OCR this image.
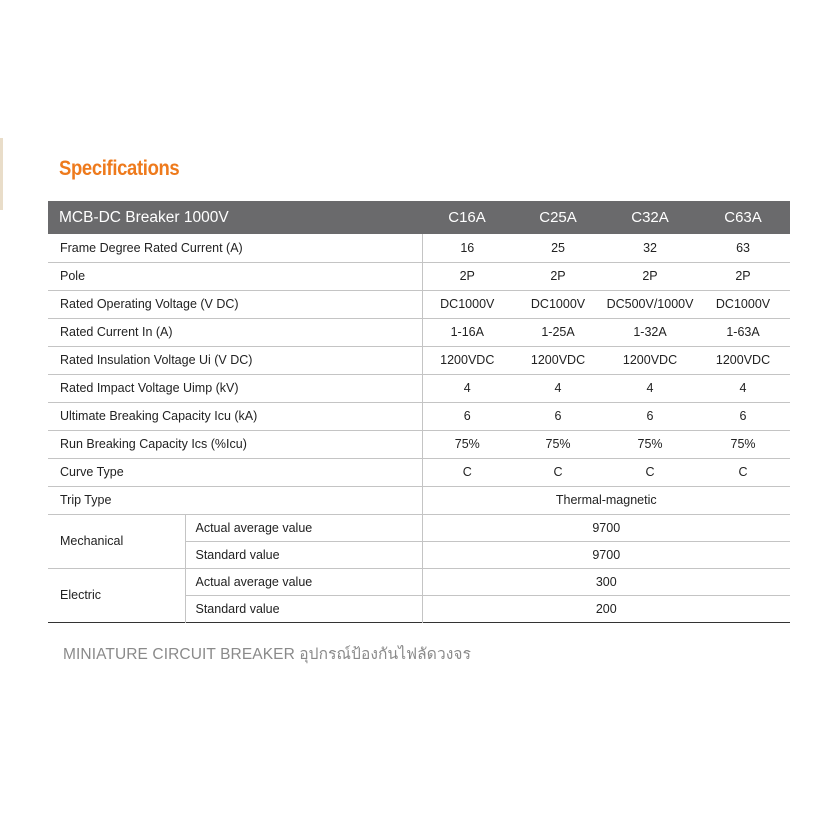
Specifications
MCB-DC Breaker 1000V		C16A	C25A	C32A	C63A
Frame Degree Rated Current (A)		16	25	32	63
Pole		2P	2P	2P	2P
Rated Operating Voltage (V DC)		DC1000V	DC1000V	DC500V/1000V	DC1000V
Rated Current In (A)		1-16A	1-25A	1-32A	1-63A
Rated Insulation Voltage Ui (V DC)		1200VDC	1200VDC	1200VDC	1200VDC
Rated Impact Voltage Uimp (kV)		4	4	4	4
Ultimate Breaking Capacity Icu (kA)		6	6	6	6
Run Breaking Capacity Ics (%Icu)		75%	75%	75%	75%
Curve Type		C	C	C	C
Trip Type		Thermal-magnetic			
Mechanical	Actual average value	9700			
	Standard value	9700			
Electric	Actual average value	300			
	Standard value	200			

MINIATURE CIRCUIT BREAKER อุปกรณ์ป้องกันไฟลัดวงจร
